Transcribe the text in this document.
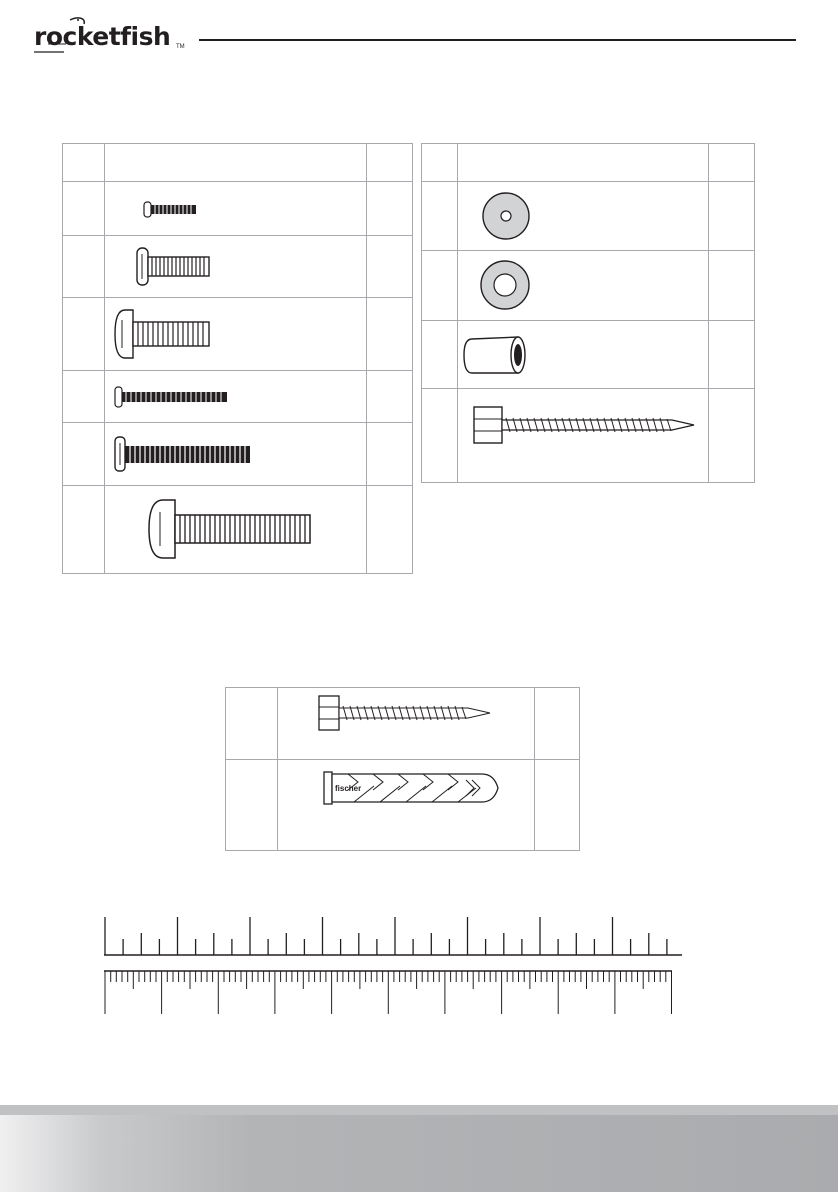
rocketfish TM

fischer	
